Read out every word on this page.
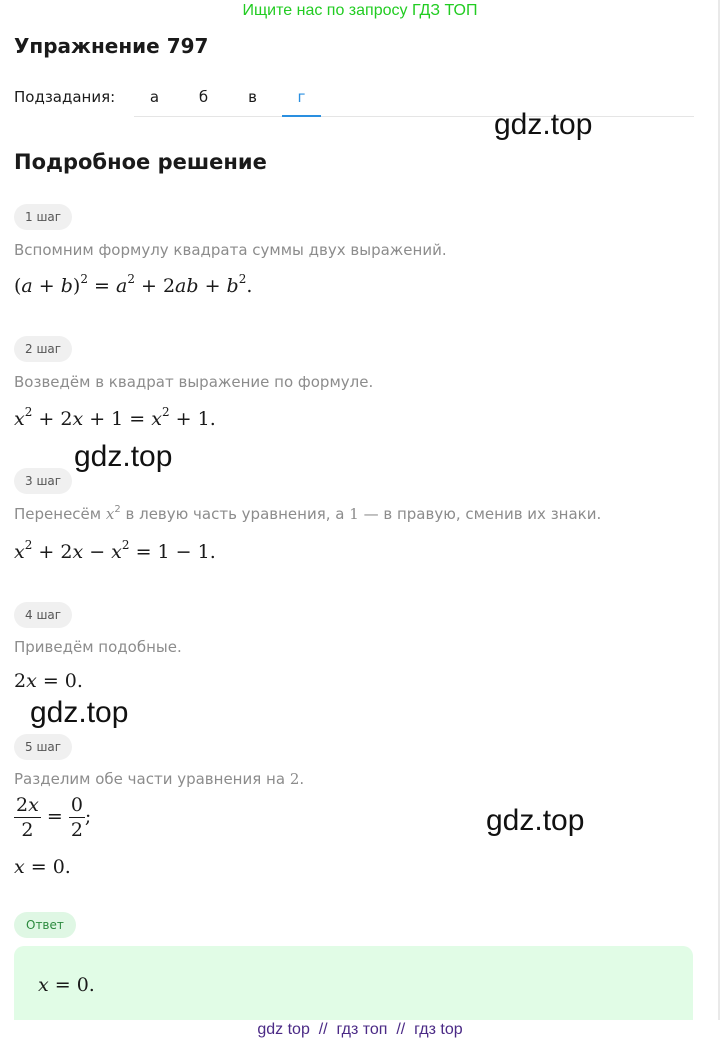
Ищите нас по запросу ГДЗ ТОП
Упражнение 797
Подзадания:	а	б	в	г
gdz.top
gdz.top
gdz.top
gdz.top
Подробное решение
1 шаг
Вспомним формулу квадрата суммы двух выражений.
$(a + b)^2 = a^2 + 2ab + b^2$.
2 шаг
Возведём в квадрат выражение по формуле.
$x^2 + 2x + 1 = x^2 + 1$.
3 шаг
Перенесём $x^2$ в левую часть уравнения, а 1 — в правую, сменив их знаки.
$x^2 + 2x - x^2 = 1 - 1$.
4 шаг
Приведём подобные.
2x = 0.
5 шаг
Разделим обе части уравнения на 2.
$\frac{2x}{2} = \frac{0}{2}$ ;
x = 0.
Ответ
x = 0.
gdz top // гдз топ // гдз top
